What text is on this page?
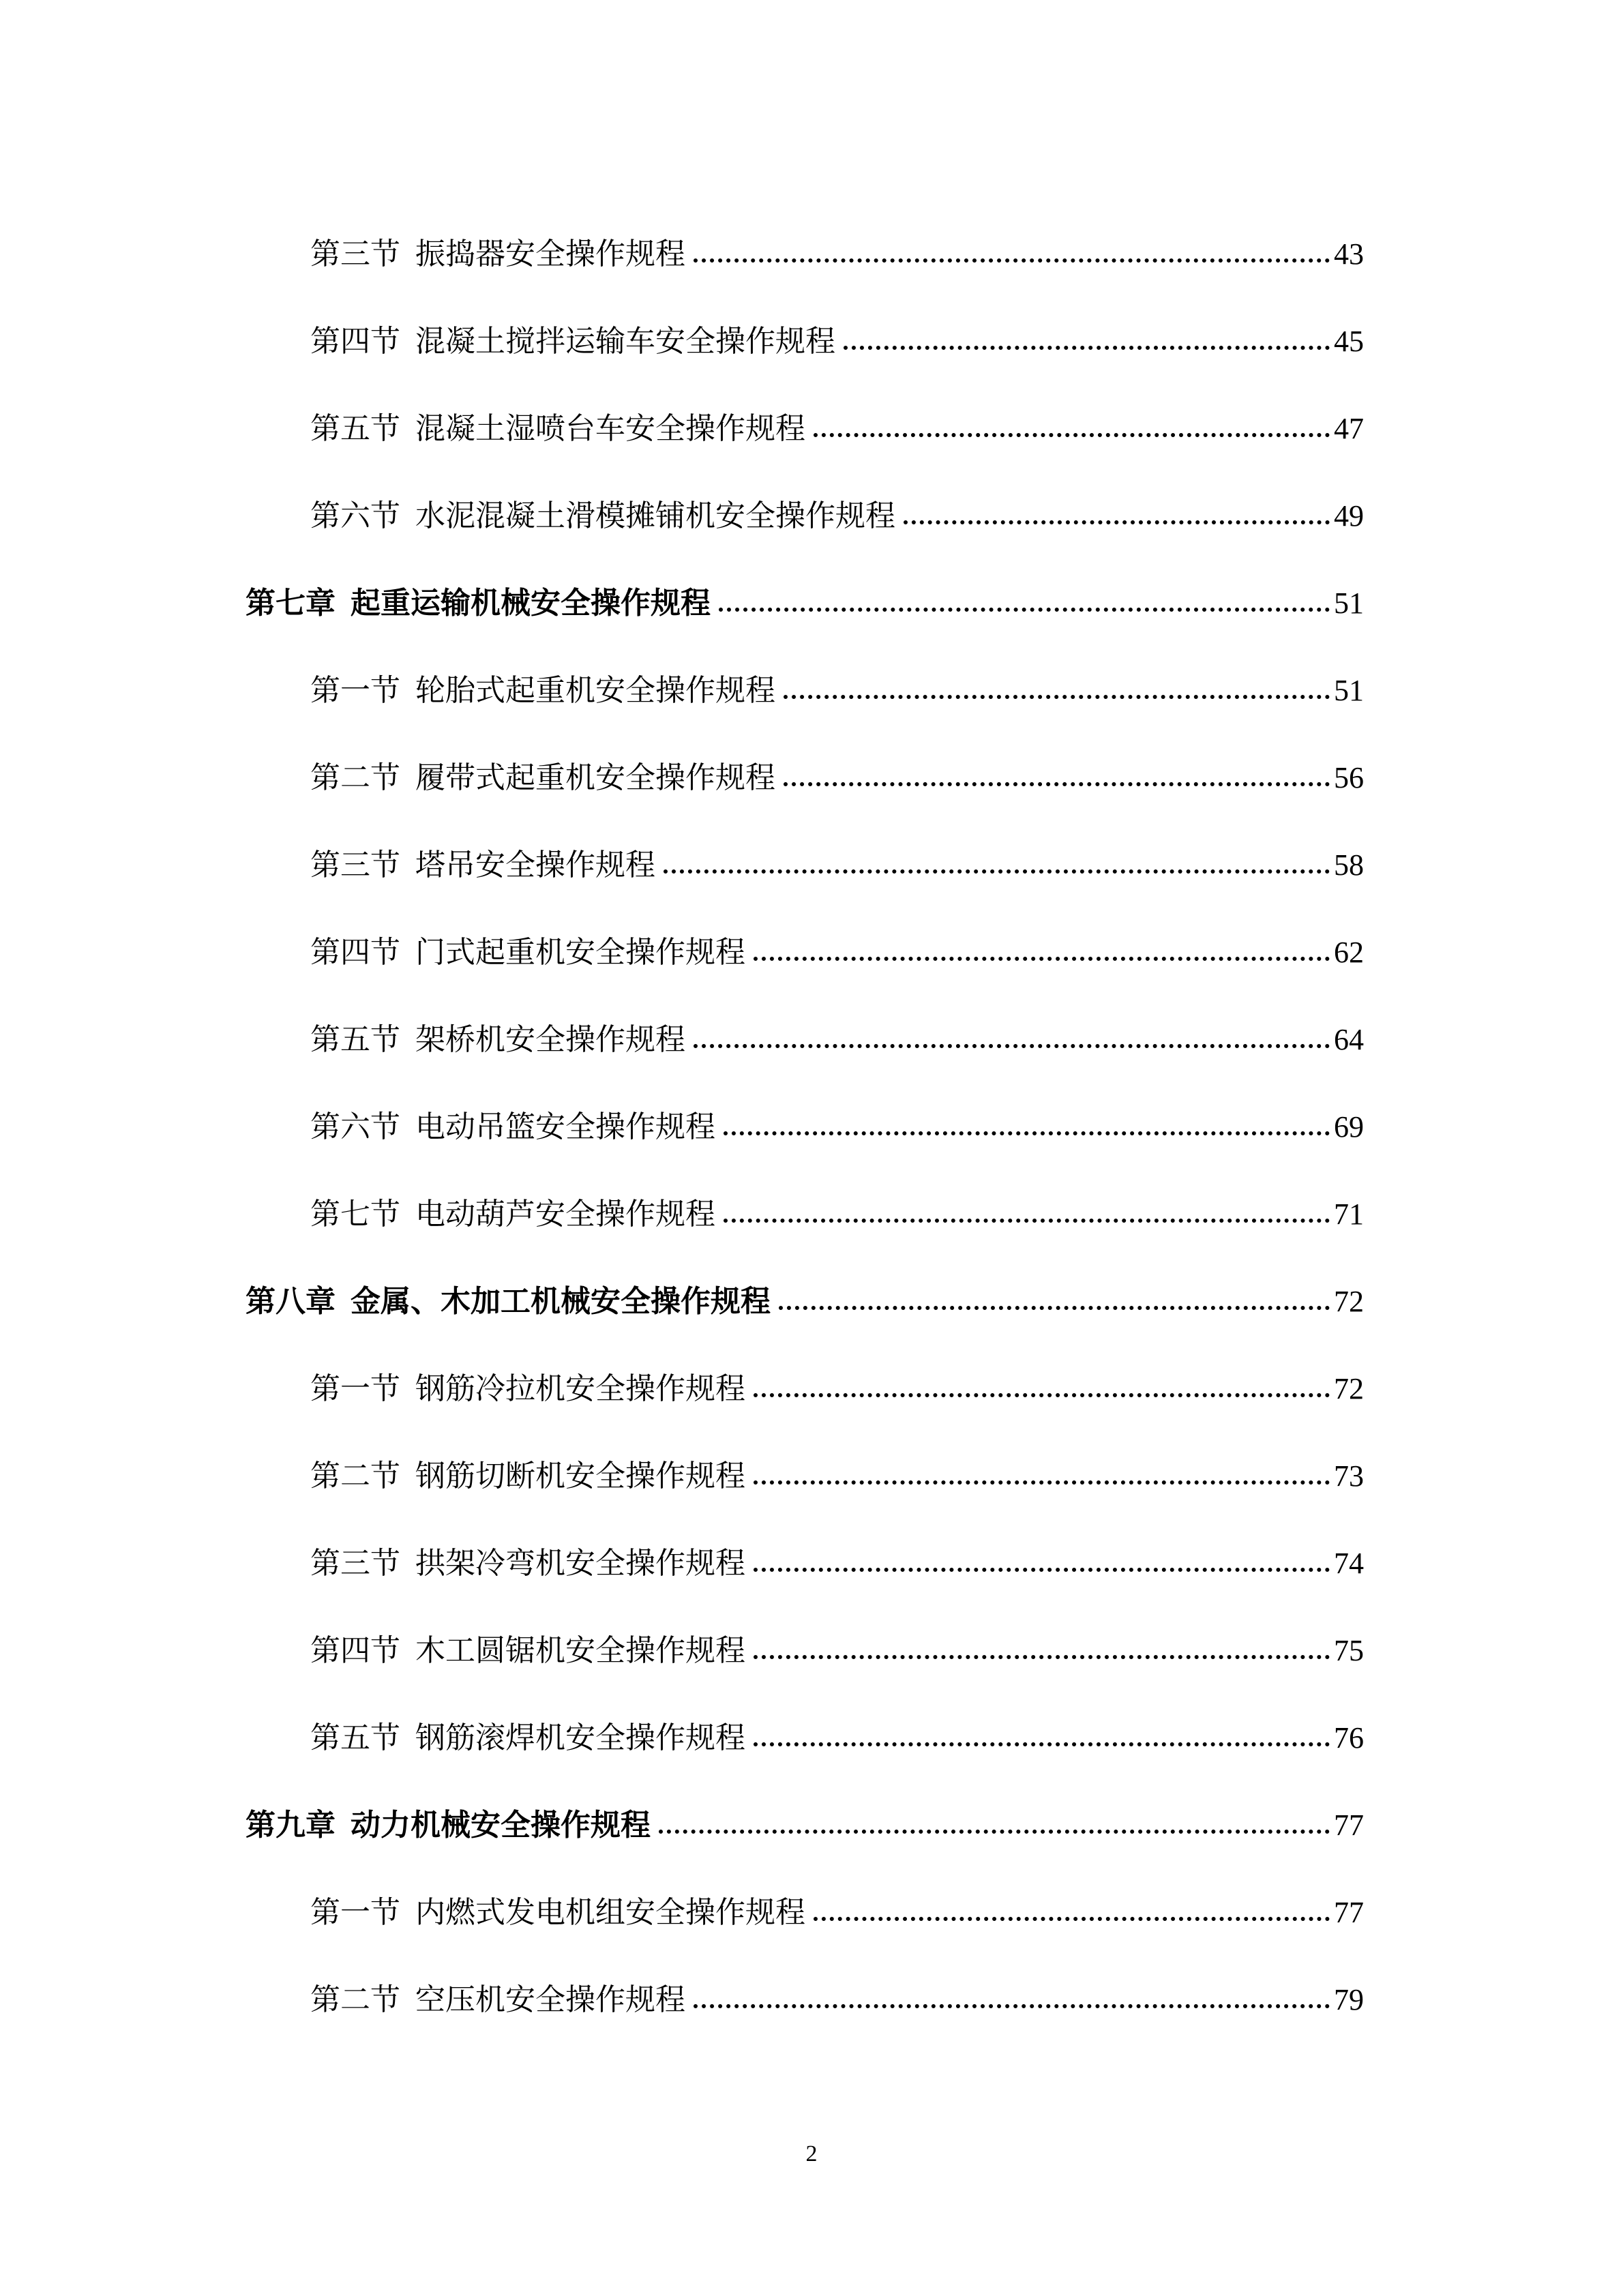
第三节 振捣器安全操作规程	43
第四节 混凝土搅拌运输车安全操作规程	45
第五节 混凝土湿喷台车安全操作规程	47
第六节 水泥混凝土滑模摊铺机安全操作规程	49
第七章 起重运输机械安全操作规程	51
第一节 轮胎式起重机安全操作规程	51
第二节 履带式起重机安全操作规程	56
第三节 塔吊安全操作规程	58
第四节 门式起重机安全操作规程	62
第五节 架桥机安全操作规程	64
第六节 电动吊篮安全操作规程	69
第七节 电动葫芦安全操作规程	71
第八章 金属、木加工机械安全操作规程	72
第一节 钢筋冷拉机安全操作规程	72
第二节 钢筋切断机安全操作规程	73
第三节 拱架冷弯机安全操作规程	74
第四节 木工圆锯机安全操作规程	75
第五节 钢筋滚焊机安全操作规程	76
第九章 动力机械安全操作规程	77
第一节 内燃式发电机组安全操作规程	77
第二节 空压机安全操作规程	79
2
